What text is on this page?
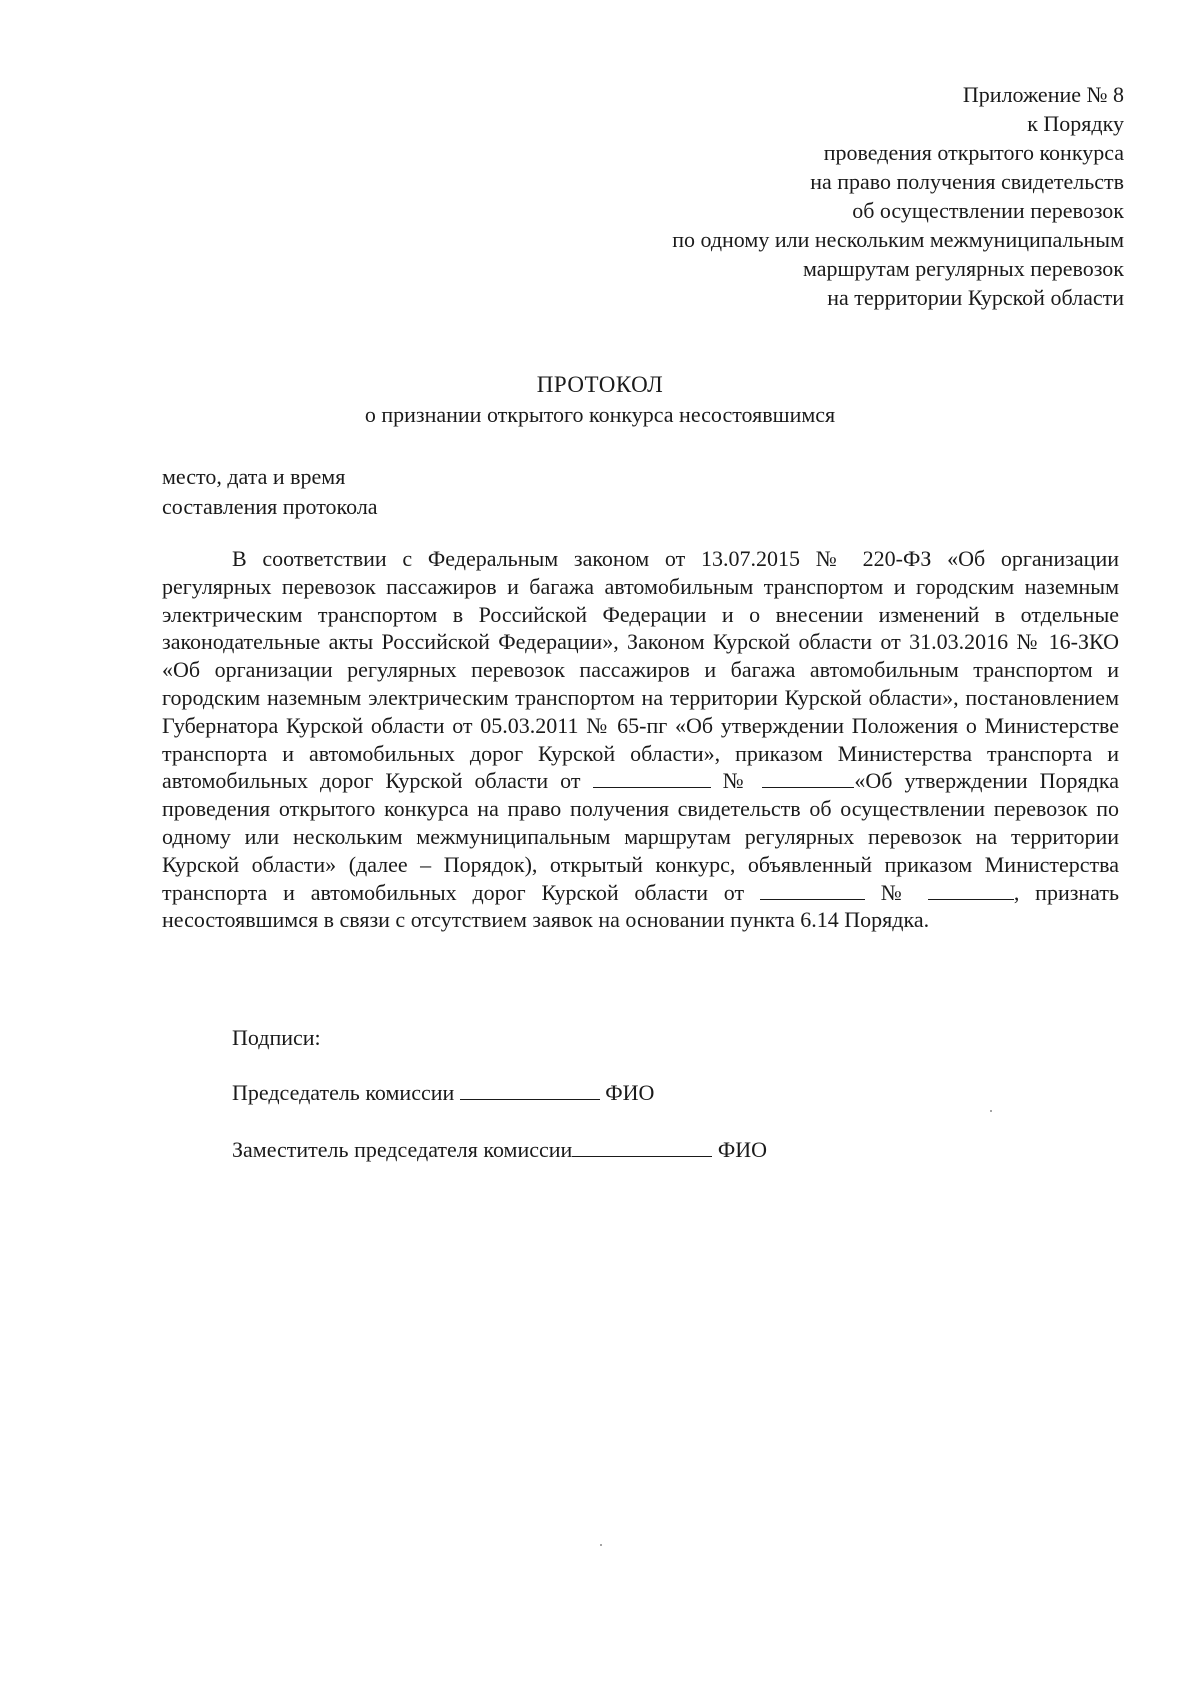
Приложение № 8
к Порядку
проведения открытого конкурса
на право получения свидетельств
об осуществлении перевозок
по одному или нескольким межмуниципальным
маршрутам регулярных перевозок
на территории Курской области
ПРОТОКОЛ
о признании открытого конкурса несостоявшимся
место, дата и время
составления протокола

В соответствии с Федеральным законом от 13.07.2015 № 220-ФЗ «Об организации регулярных перевозок пассажиров и багажа автомобильным транспортом и городским наземным электрическим транспортом в Российской Федерации и о внесении изменений в отдельные законодательные акты Российской Федерации», Законом Курской области от 31.03.2016 № 16-ЗКО «Об организации регулярных перевозок пассажиров и багажа автомобильным транспортом и городским наземным электрическим транспортом на территории Курской области», постановлением Губернатора Курской области от 05.03.2011 № 65-пг «Об утверждении Положения о Министерстве транспорта и автомобильных дорог Курской области», приказом Министерства транспорта и автомобильных дорог Курской области от	№	«Об утверждении Порядка проведения открытого конкурса на право получения свидетельств об осуществлении перевозок по одному или нескольким межмуниципальным маршрутам регулярных перевозок на территории Курской области» (далее – Порядок), открытый конкурс, объявленный приказом Министерства транспорта и автомобильных дорог Курской области от	№	, признать несостоявшимся в связи с отсутствием заявок на основании пункта 6.14 Порядка.

Подписи:
Председатель комиссии	ФИО
Заместитель председателя комиссии	ФИО
